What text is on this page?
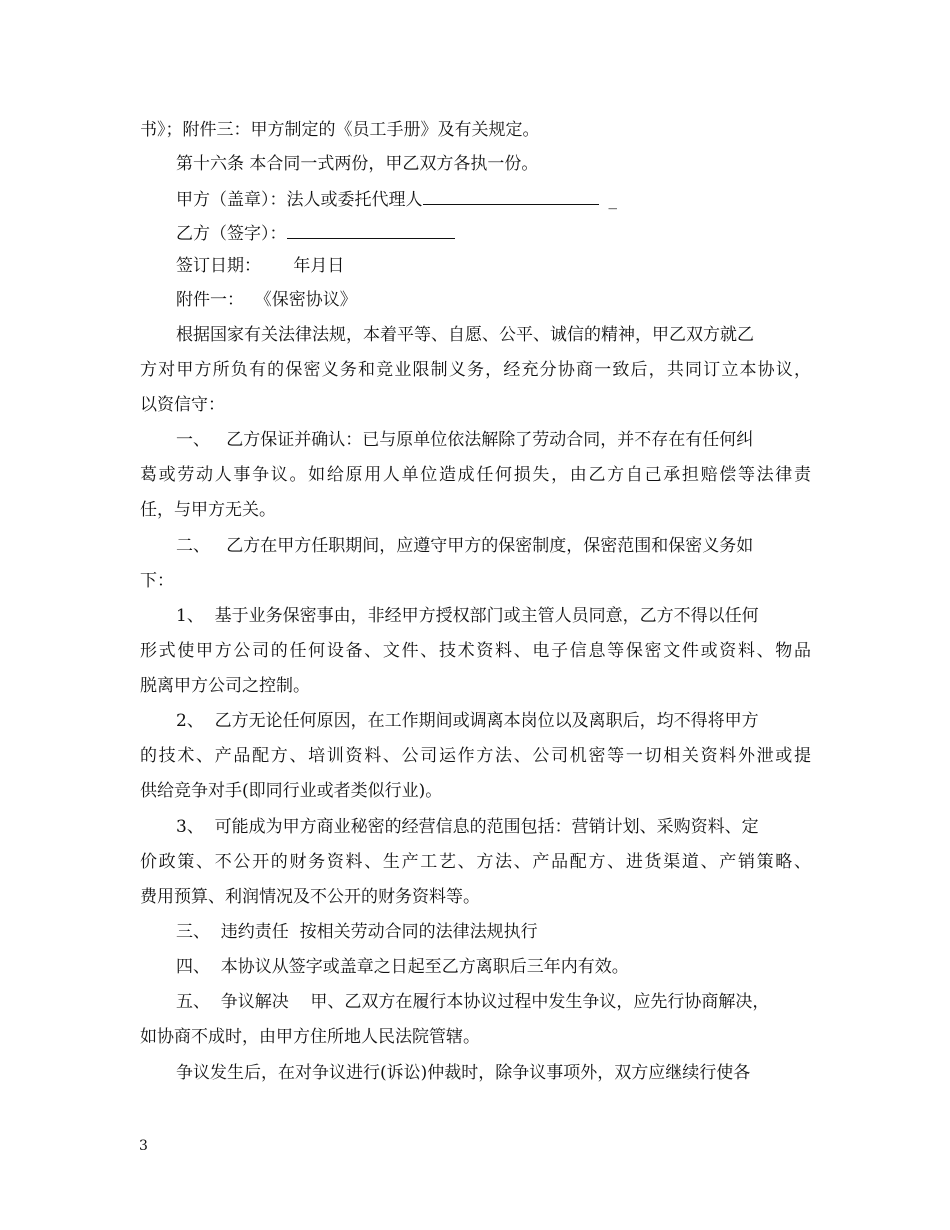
书》；附件三：甲方制定的《员工手册》及有关规定。
第十六条 本合同一式两份，甲乙双方各执一份。
甲方（盖章）：法人或委托代理人	_
乙方（签字）：
签订日期：      年月日
附件一：  《保密协议》
根据国家有关法律法规，本着平等、自愿、公平、诚信的精神，甲乙双方就乙
方对甲方所负有的保密义务和竞业限制义务，经充分协商一致后，共同订立本协议，
以资信守：
一、   乙方保证并确认：已与原单位依法解除了劳动合同，并不存在有任何纠
葛或劳动人事争议。如给原用人单位造成任何损失，由乙方自己承担赔偿等法律责
任，与甲方无关。
二、   乙方在甲方任职期间，应遵守甲方的保密制度，保密范围和保密义务如
下：
1、  基于业务保密事由，非经甲方授权部门或主管人员同意，乙方不得以任何
形式使甲方公司的任何设备、文件、技术资料、电子信息等保密文件或资料、物品
脱离甲方公司之控制。
2、  乙方无论任何原因，在工作期间或调离本岗位以及离职后，均不得将甲方
的技术、产品配方、培训资料、公司运作方法、公司机密等一切相关资料外泄或提
供给竞争对手(即同行业或者类似行业)。
3、  可能成为甲方商业秘密的经营信息的范围包括：营销计划、采购资料、定
价政策、不公开的财务资料、生产工艺、方法、产品配方、进货渠道、产销策略、
费用预算、利润情况及不公开的财务资料等。
三、  违约责任  按相关劳动合同的法律法规执行
四、  本协议从签字或盖章之日起至乙方离职后三年内有效。
五、  争议解决    甲、乙双方在履行本协议过程中发生争议，应先行协商解决，
如协商不成时，由甲方住所地人民法院管辖。
争议发生后，在对争议进行(诉讼)仲裁时，除争议事项外，双方应继续行使各
3
